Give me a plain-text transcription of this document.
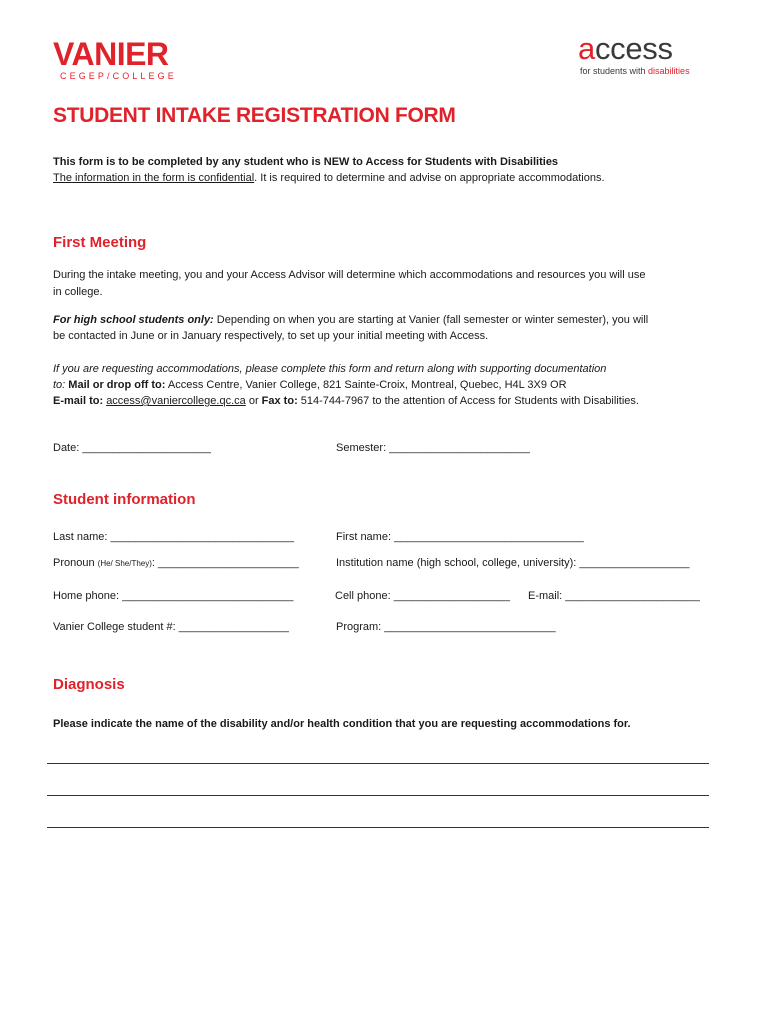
VANIER
CEGEP/COLLEGE
access
for students with disabilities
STUDENT INTAKE REGISTRATION FORM
This form is to be completed by any student who is NEW to Access for Students with Disabilities
The information in the form is confidential. It is required to determine and advise on appropriate accommodations.
First Meeting
During the intake meeting, you and your Access Advisor will determine which accommodations and resources you will use
in college.
For high school students only: Depending on when you are starting at Vanier (fall semester or winter semester), you will
be contacted in June or in January respectively, to set up your initial meeting with Access.
If you are requesting accommodations, please complete this form and return along with supporting documentation
to: Mail or drop off to: Access Centre, Vanier College, 821 Sainte-Croix, Montreal, Quebec, H4L 3X9 OR
E-mail to: access@vaniercollege.qc.ca or Fax to: 514-744-7967 to the attention of Access for Students with Disabilities.
Date: _____________________	Semester: _______________________
Student information
Last name: ______________________________	First name: _______________________________
Pronoun (He/ She/They): _______________________	Institution name (high school, college, university): __________________
Home phone: ____________________________	Cell phone: ___________________ E-mail: ______________________
Vanier College student #: __________________	Program: ____________________________
Diagnosis
Please indicate the name of the disability and/or health condition that you are requesting accommodations for.
